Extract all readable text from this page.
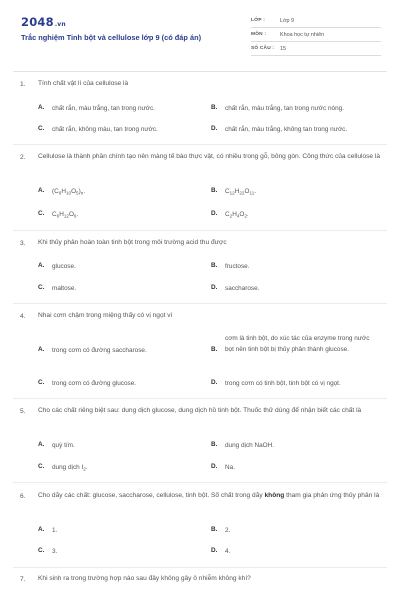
2048.vn
Trắc nghiệm Tinh bột và cellulose lớp 9 (có đáp án)
LỚP :	Lớp 9
MÔN :	Khoa học tự nhiên
SỐ CÂU :	15
1. Tính chất vật lí của cellulose là
A.	chất rắn, màu trắng, tan trong nước.	B.	chất rắn, màu trắng, tan trong nước nóng.
C.	chất rắn, không màu, tan trong nước.	D.	chất rắn, màu trắng, không tan trong nước.
2. Cellulose là thành phần chính tạo nên màng tế bào thực vật, có nhiều trong gỗ, bông gòn. Công thức của cellulose là
A.	$(C_6H_{10}O_5)_n$.	B.	$C_{12}H_{22}O_{11}$.
C.	$C_6H_{12}O_6$.	D.	$C_2H_4O_2$.
3. Khi thủy phân hoàn toàn tinh bột trong môi trường acid thu được
A.	glucose.	B.	fructose.
C.	maltose.	D.	saccharose.
4. Nhai cơm chậm trong miệng thấy có vị ngọt vì
A.	trong cơm có đường saccharose.	B.
cơm là tinh bột, do xúc tác của enzyme trong nước bọt nên tinh bột bị thủy phân thành glucose.
C.	trong cơm có đường glucose.	D.	trong cơm có tinh bột, tinh bột có vị ngọt.
5. Cho các chất riêng biệt sau: dung dịch glucose, dung dịch hồ tinh bột. Thuốc thử dùng để nhận biết các chất là
A.	quỳ tím.	B.	dung dịch NaOH.
C.	dung dịch $I_2$.	D.	Na.
6. Cho dãy các chất: glucose, saccharose, cellulose, tinh bột. Số chất trong dãy không tham gia phản ứng thủy phân là
A.	1.	B.	2.
C.	3.	D.	4.
7. Khi sinh ra trong trường hợp nào sau đây không gây ô nhiễm không khí?
